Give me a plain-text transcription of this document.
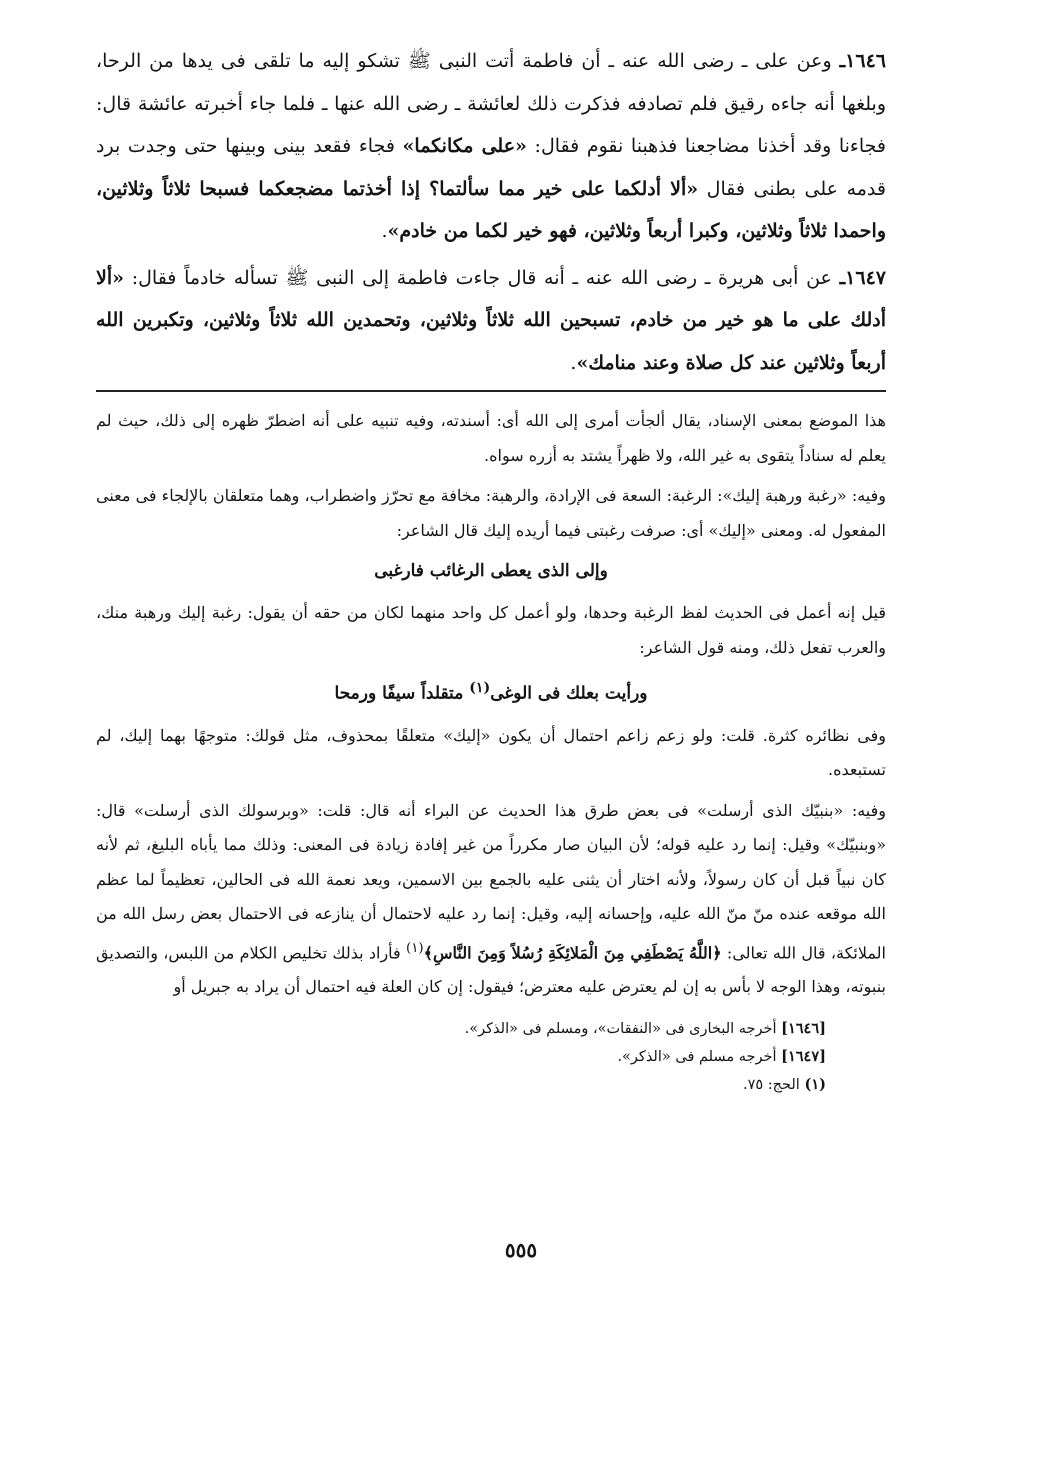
١٦٤٦ـ وعن على ـ رضى الله عنه ـ أن فاطمة أتت النبى ﷺ تشكو إليه ما تلقى فى يدها من الرحا، وبلغها أنه جاءه رقيق فلم تصادفه فذكرت ذلك لعائشة ـ رضى الله عنها ـ فلما جاء أخبرته عائشة قال: فجاءنا وقد أخذنا مضاجعنا فذهبنا نقوم فقال: «على مكانكما» فجاء فقعد بينى وبينها حتى وجدت برد قدمه على بطنى فقال «ألا أدلكما على خير مما سألتما؟ إذا أخذتما مضجعكما فسبحا ثلاثاً وثلاثين، واحمدا ثلاثاً وثلاثين، وكبرا أربعاً وثلاثين، فهو خير لكما من خادم».

١٦٤٧ـ عن أبى هريرة ـ رضى الله عنه ـ أنه قال جاءت فاطمة إلى النبى ﷺ تسأله خادماً فقال: «ألا أدلك على ما هو خير من خادم، تسبحين الله ثلاثاً وثلاثين، وتحمدين الله ثلاثاً وثلاثين، وتكبرين الله أربعاً وثلاثين عند كل صلاة وعند منامك».

هذا الموضع بمعنى الإسناد، يقال ألجأت أمرى إلى الله أى: أسندته، وفيه تنبيه على أنه اضطرّ ظهره إلى ذلك، حيث لم يعلم له سناداً يتقوى به غير الله، ولا ظهراً يشتد به أزره سواه.

وفيه: «رغبة ورهبة إليك»: الرغبة: السعة فى الإرادة، والرهبة: مخافة مع تحرّز واضطراب، وهما متعلقان بالإلجاء فى معنى المفعول له. ومعنى «إليك» أى: صرفت رغبتى فيما أريده إليك قال الشاعر:

وإلى الذى يعطى الرغائب فارغبى

قيل إنه أعمل فى الحديث لفظ الرغبة وحدها، ولو أعمل كل واحد منهما لكان من حقه أن يقول: رغبة إليك ورهبة منك، والعرب تفعل ذلك، ومنه قول الشاعر:

ورأيت بعلك فى الوغى$^{(١)}$ متقلداً سيفًا ورمحا

وفى نظائره كثرة. قلت: ولو زعم زاعم احتمال أن يكون «إليك» متعلقًا بمحذوف، مثل قولك: متوجهًا بهما إليك، لم تستبعده.

وفيه: «بنبيّك الذى أرسلت» فى بعض طرق هذا الحديث عن البراء أنه قال: قلت: «وبرسولك الذى أرسلت» قال: «وبنبيّك» وقيل: إنما رد عليه قوله؛ لأن البيان صار مكرراً من غير إفادة زيادة فى المعنى: وذلك مما يأباه البليغ، ثم لأنه كان نبياً قبل أن كان رسولاً، ولأنه اختار أن يثنى عليه بالجمع بين الاسمين، ويعد نعمة الله فى الحالين، تعظيماً لما عظم الله موقعه عنده منّ منّ الله عليه، وإحسانه إليه، وقيل: إنما رد عليه لاحتمال أن ينازعه فى الاحتمال بعض رسل الله من الملائكة، قال الله تعالى: ﴿اللَّهُ يَصْطَفِي مِنَ الْمَلائِكَةِ رُسُلاً وَمِنَ النَّاسِ﴾$^{(١)}$ فأراد بذلك تخليص الكلام من اللبس، والتصديق بنبوته، وهذا الوجه لا بأس به إن لم يعترض عليه معترض؛ فيقول: إن كان العلة فيه احتمال أن يراد به جبريل أو

[١٦٤٦] أخرجه البخارى فى «النفقات»، ومسلم فى «الذكر».

[١٦٤٧] أخرجه مسلم فى «الذكر».

(١) الحج: ٧٥.

٥٥٥
